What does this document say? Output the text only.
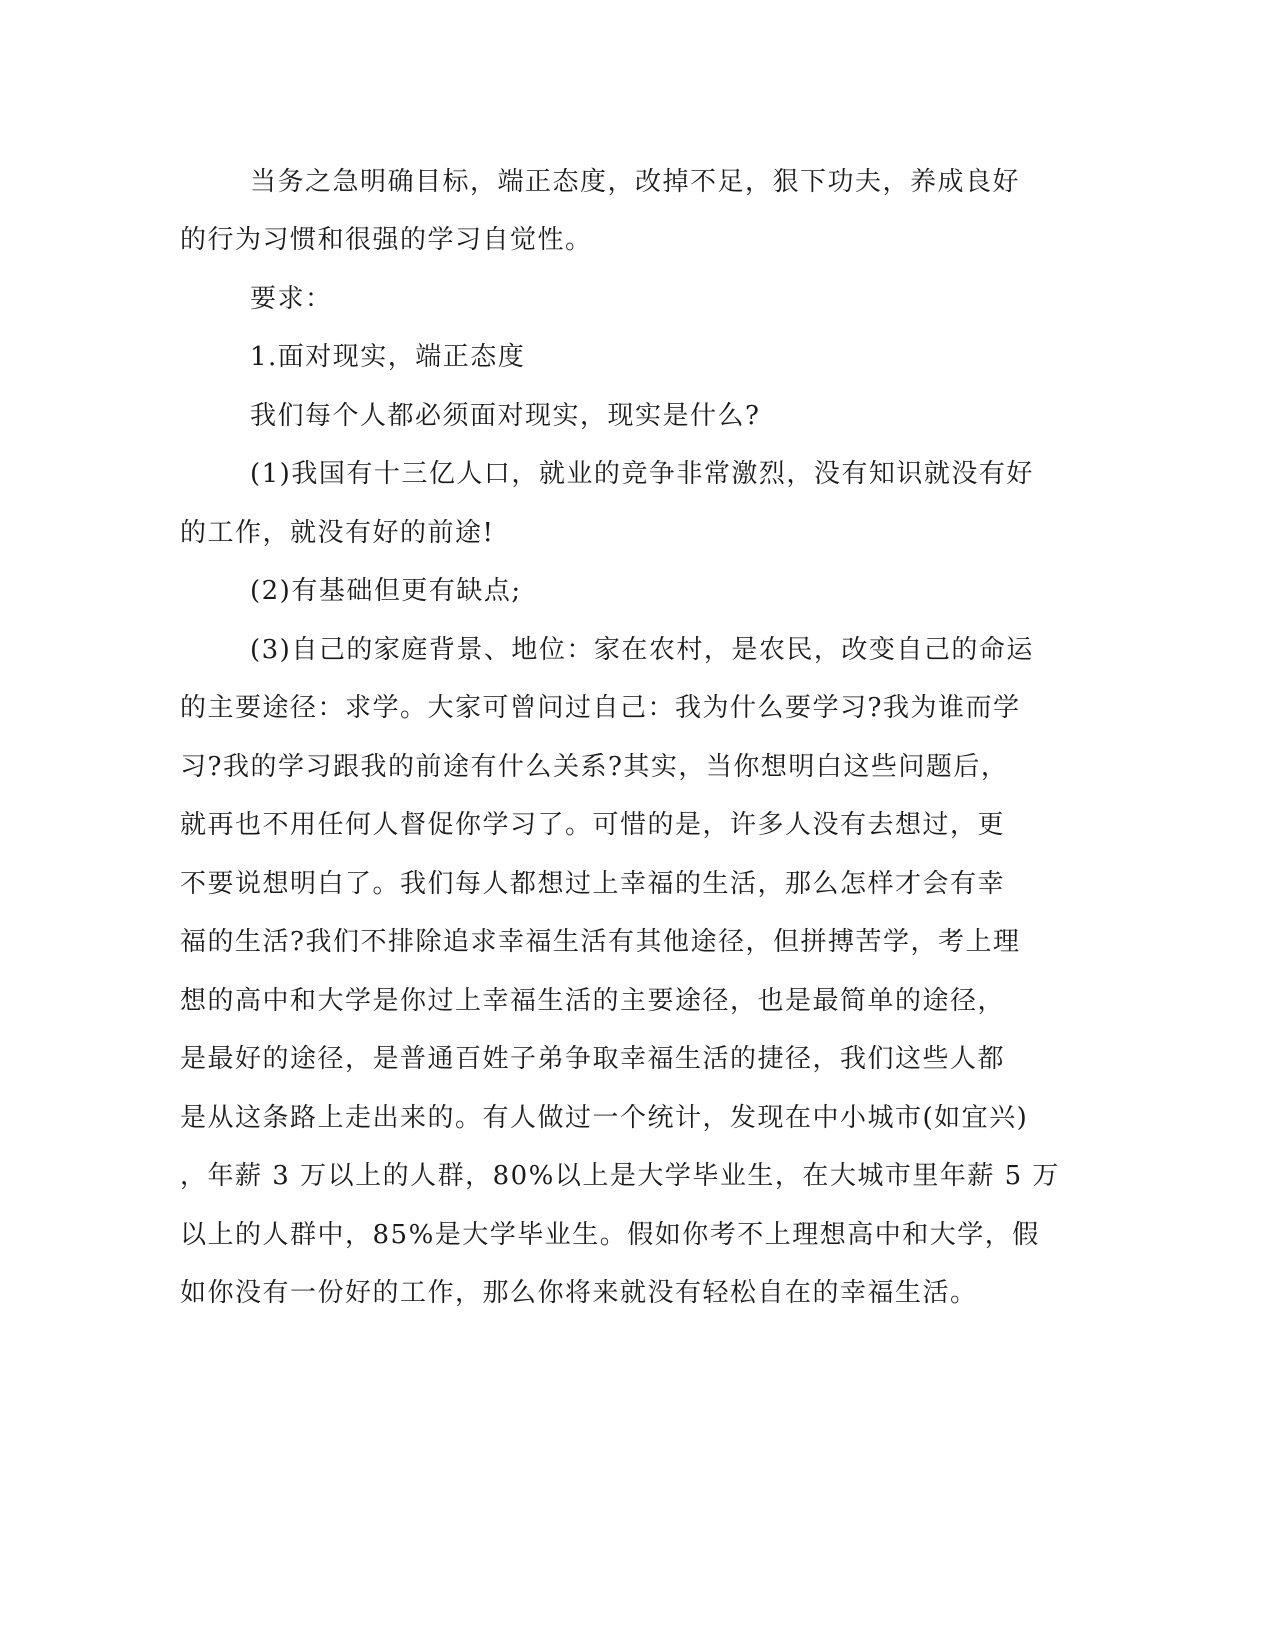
当务之急明确目标，端正态度，改掉不足，狠下功夫，养成良好
的行为习惯和很强的学习自觉性。
要求：
1.面对现实，端正态度
我们每个人都必须面对现实，现实是什么?
(1)我国有十三亿人口，就业的竞争非常激烈，没有知识就没有好
的工作，就没有好的前途!
(2)有基础但更有缺点;
(3)自己的家庭背景、地位：家在农村，是农民，改变自己的命运
的主要途径：求学。大家可曾问过自己：我为什么要学习?我为谁而学
习?我的学习跟我的前途有什么关系?其实，当你想明白这些问题后，
就再也不用任何人督促你学习了。可惜的是，许多人没有去想过，更
不要说想明白了。我们每人都想过上幸福的生活，那么怎样才会有幸
福的生活?我们不排除追求幸福生活有其他途径，但拼搏苦学，考上理
想的高中和大学是你过上幸福生活的主要途径，也是最简单的途径，
是最好的途径，是普通百姓子弟争取幸福生活的捷径，我们这些人都
是从这条路上走出来的。有人做过一个统计，发现在中小城市(如宜兴)
，年薪 3 万以上的人群，80%以上是大学毕业生，在大城市里年薪 5 万
以上的人群中，85%是大学毕业生。假如你考不上理想高中和大学，假
如你没有一份好的工作，那么你将来就没有轻松自在的幸福生活。
